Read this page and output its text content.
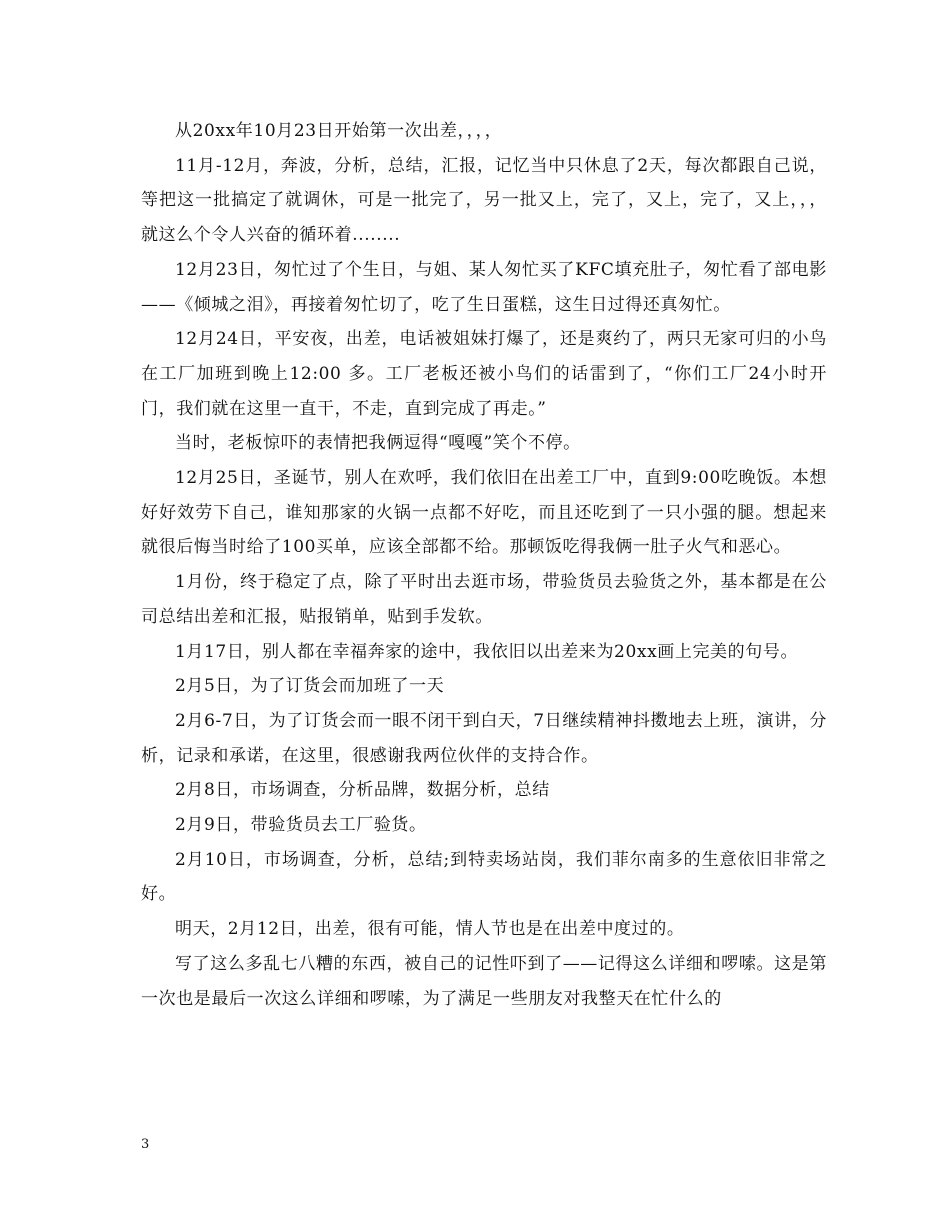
从20xx年10月23日开始第一次出差，，，，

11月-12月，奔波，分析，总结，汇报，记忆当中只休息了2天，每次都跟自己说，等把这一批搞定了就调休，可是一批完了，另一批又上，完了，又上，完了，又上，，，就这么个令人兴奋的循环着........

12月23日，匆忙过了个生日，与姐、某人匆忙买了KFC填充肚子，匆忙看了部电影——《倾城之泪》，再接着匆忙切了，吃了生日蛋糕，这生日过得还真匆忙。

12月24日，平安夜，出差，电话被姐妹打爆了，还是爽约了，两只无家可归的小鸟在工厂加班到晚上12:00 多。工厂老板还被小鸟们的话雷到了，“你们工厂24小时开门，我们就在这里一直干，不走，直到完成了再走。”

当时，老板惊吓的表情把我俩逗得“嘎嘎”笑个不停。

12月25日，圣诞节，别人在欢呼，我们依旧在出差工厂中，直到9:00吃晚饭。本想好好效劳下自己，谁知那家的火锅一点都不好吃，而且还吃到了一只小强的腿。想起来就很后悔当时给了100买单，应该全部都不给。那顿饭吃得我俩一肚子火气和恶心。

1月份，终于稳定了点，除了平时出去逛市场，带验货员去验货之外，基本都是在公司总结出差和汇报，贴报销单，贴到手发软。

1月17日，别人都在幸福奔家的途中，我依旧以出差来为20xx画上完美的句号。

2月5日，为了订货会而加班了一天

2月6-7日，为了订货会而一眼不闭干到白天，7日继续精神抖擞地去上班，演讲，分析，记录和承诺，在这里，很感谢我两位伙伴的支持合作。

2月8日，市场调查，分析品牌，数据分析，总结

2月9日，带验货员去工厂验货。

2月10日，市场调查，分析，总结;到特卖场站岗，我们菲尔南多的生意依旧非常之好。

明天，2月12日，出差，很有可能，情人节也是在出差中度过的。

写了这么多乱七八糟的东西，被自己的记性吓到了——记得这么详细和啰嗦。这是第一次也是最后一次这么详细和啰嗦，为了满足一些朋友对我整天在忙什么的

3
